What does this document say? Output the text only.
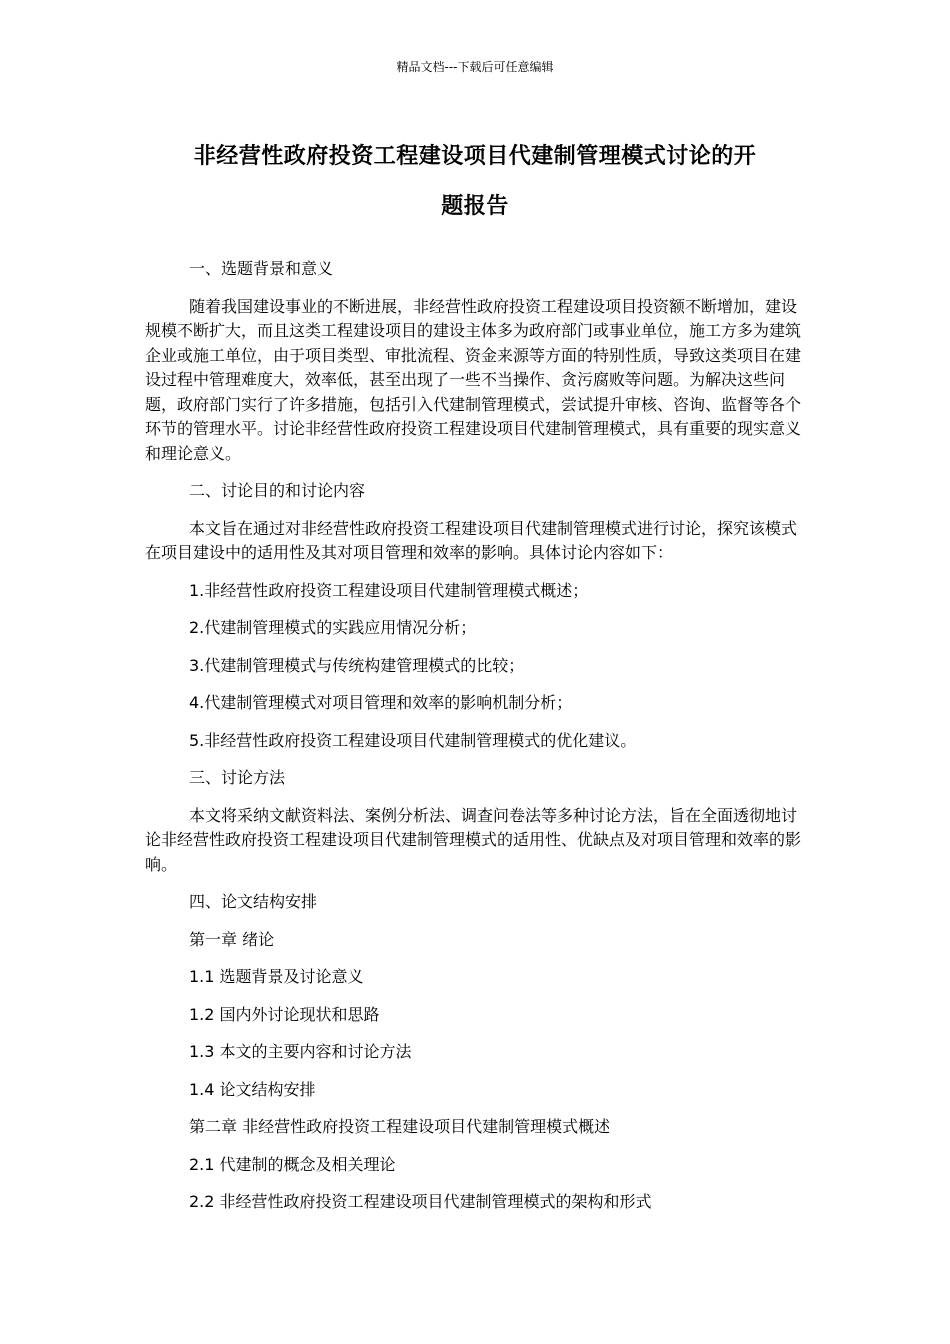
精品文档---下载后可任意编辑
非经营性政府投资工程建设项目代建制管理模式讨论的开
题报告

一、选题背景和意义

随着我国建设事业的不断进展，非经营性政府投资工程建设项目投资额不断增加，建设规模不断扩大，而且这类工程建设项目的建设主体多为政府部门或事业单位，施工方多为建筑企业或施工单位，由于项目类型、审批流程、资金来源等方面的特别性质，导致这类项目在建设过程中管理难度大，效率低，甚至出现了一些不当操作、贪污腐败等问题。为解决这些问题，政府部门实行了许多措施，包括引入代建制管理模式，尝试提升审核、咨询、监督等各个环节的管理水平。讨论非经营性政府投资工程建设项目代建制管理模式，具有重要的现实意义和理论意义。

二、讨论目的和讨论内容

本文旨在通过对非经营性政府投资工程建设项目代建制管理模式进行讨论，探究该模式在项目建设中的适用性及其对项目管理和效率的影响。具体讨论内容如下：

1.非经营性政府投资工程建设项目代建制管理模式概述；

2.代建制管理模式的实践应用情况分析；

3.代建制管理模式与传统构建管理模式的比较；

4.代建制管理模式对项目管理和效率的影响机制分析；

5.非经营性政府投资工程建设项目代建制管理模式的优化建议。

三、讨论方法

本文将采纳文献资料法、案例分析法、调查问卷法等多种讨论方法，旨在全面透彻地讨论非经营性政府投资工程建设项目代建制管理模式的适用性、优缺点及对项目管理和效率的影响。

四、论文结构安排

第一章 绪论

1.1 选题背景及讨论意义

1.2 国内外讨论现状和思路

1.3 本文的主要内容和讨论方法

1.4 论文结构安排

第二章 非经营性政府投资工程建设项目代建制管理模式概述

2.1 代建制的概念及相关理论

2.2 非经营性政府投资工程建设项目代建制管理模式的架构和形式
